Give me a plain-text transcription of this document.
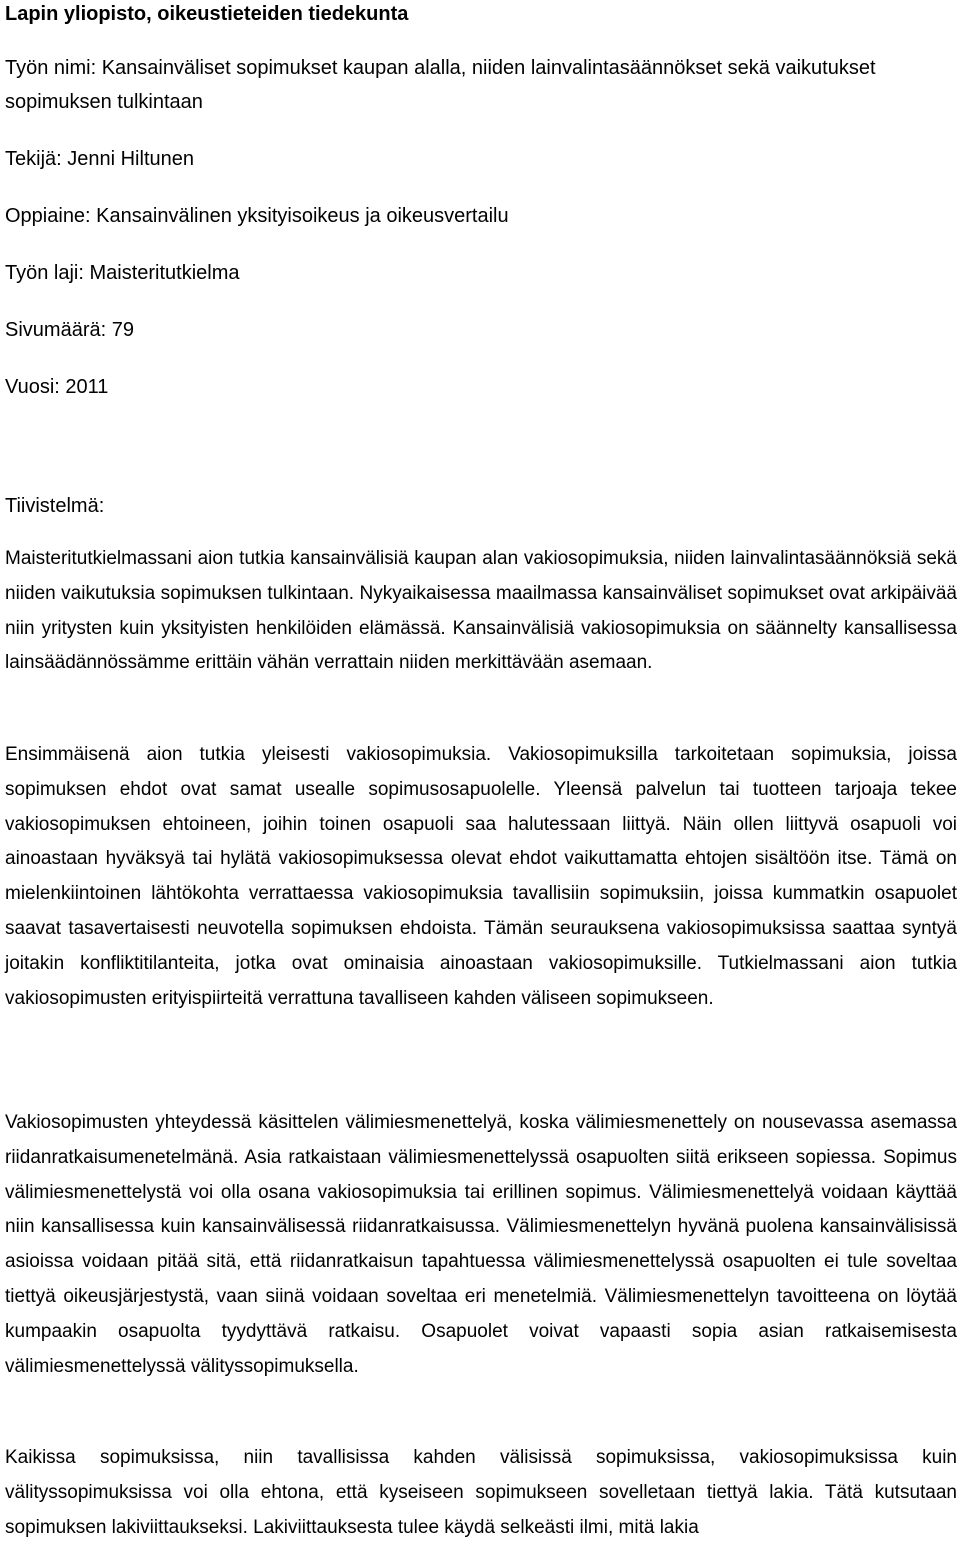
Lapin yliopisto, oikeustieteiden tiedekunta
Työn nimi: Kansainväliset sopimukset kaupan alalla, niiden lainvalintasäännökset sekä vaikutukset sopimuksen tulkintaan
Tekijä: Jenni Hiltunen
Oppiaine: Kansainvälinen yksityisoikeus ja oikeusvertailu
Työn laji: Maisteritutkielma
Sivumäärä: 79
Vuosi: 2011
Tiivistelmä:

Maisteritutkielmassani aion tutkia kansainvälisiä kaupan alan vakiosopimuksia, niiden lainvalintasäännöksiä sekä niiden vaikutuksia sopimuksen tulkintaan. Nykyaikaisessa maailmassa kansainväliset sopimukset ovat arkipäivää niin yritysten kuin yksityisten henkilöiden elämässä. Kansainvälisiä vakiosopimuksia on säännelty kansallisessa lainsäädännössämme erittäin vähän verrattain niiden merkittävään asemaan.

Ensimmäisenä aion tutkia yleisesti vakiosopimuksia. Vakiosopimuksilla tarkoitetaan sopimuksia, joissa sopimuksen ehdot ovat samat usealle sopimusosapuolelle. Yleensä palvelun tai tuotteen tarjoaja tekee vakiosopimuksen ehtoineen, joihin toinen osapuoli saa halutessaan liittyä. Näin ollen liittyvä osapuoli voi ainoastaan hyväksyä tai hylätä vakiosopimuksessa olevat ehdot vaikuttamatta ehtojen sisältöön itse. Tämä on mielenkiintoinen lähtökohta verrattaessa vakiosopimuksia tavallisiin sopimuksiin, joissa kummatkin osapuolet saavat tasavertaisesti neuvotella sopimuksen ehdoista. Tämän seurauksena vakiosopimuksissa saattaa syntyä joitakin konfliktitilanteita, jotka ovat ominaisia ainoastaan vakiosopimuksille. Tutkielmassani aion tutkia vakiosopimusten erityispiirteitä verrattuna tavalliseen kahden väliseen sopimukseen.

Vakiosopimusten yhteydessä käsittelen välimiesmenettelyä, koska välimiesmenettely on nousevassa asemassa riidanratkaisumenetelmänä. Asia ratkaistaan välimiesmenettelyssä osapuolten siitä erikseen sopiessa. Sopimus välimiesmenettelystä voi olla osana vakiosopimuksia tai erillinen sopimus. Välimiesmenettelyä voidaan käyttää niin kansallisessa kuin kansainvälisessä riidanratkaisussa. Välimiesmenettelyn hyvänä puolena kansainvälisissä asioissa voidaan pitää sitä, että riidanratkaisun tapahtuessa välimiesmenettelyssä osapuolten ei tule soveltaa tiettyä oikeusjärjestystä, vaan siinä voidaan soveltaa eri menetelmiä. Välimiesmenettelyn tavoitteena on löytää kumpaakin osapuolta tyydyttävä ratkaisu. Osapuolet voivat vapaasti sopia asian ratkaisemisesta välimiesmenettelyssä välityssopimuksella.

Kaikissa sopimuksissa, niin tavallisissa kahden välisissä sopimuksissa, vakiosopimuksissa kuin välityssopimuksissa voi olla ehtona, että kyseiseen sopimukseen sovelletaan tiettyä lakia. Tätä kutsutaan sopimuksen lakiviittaukseksi. Lakiviittauksesta tulee käydä selkeästi ilmi, mitä lakia
